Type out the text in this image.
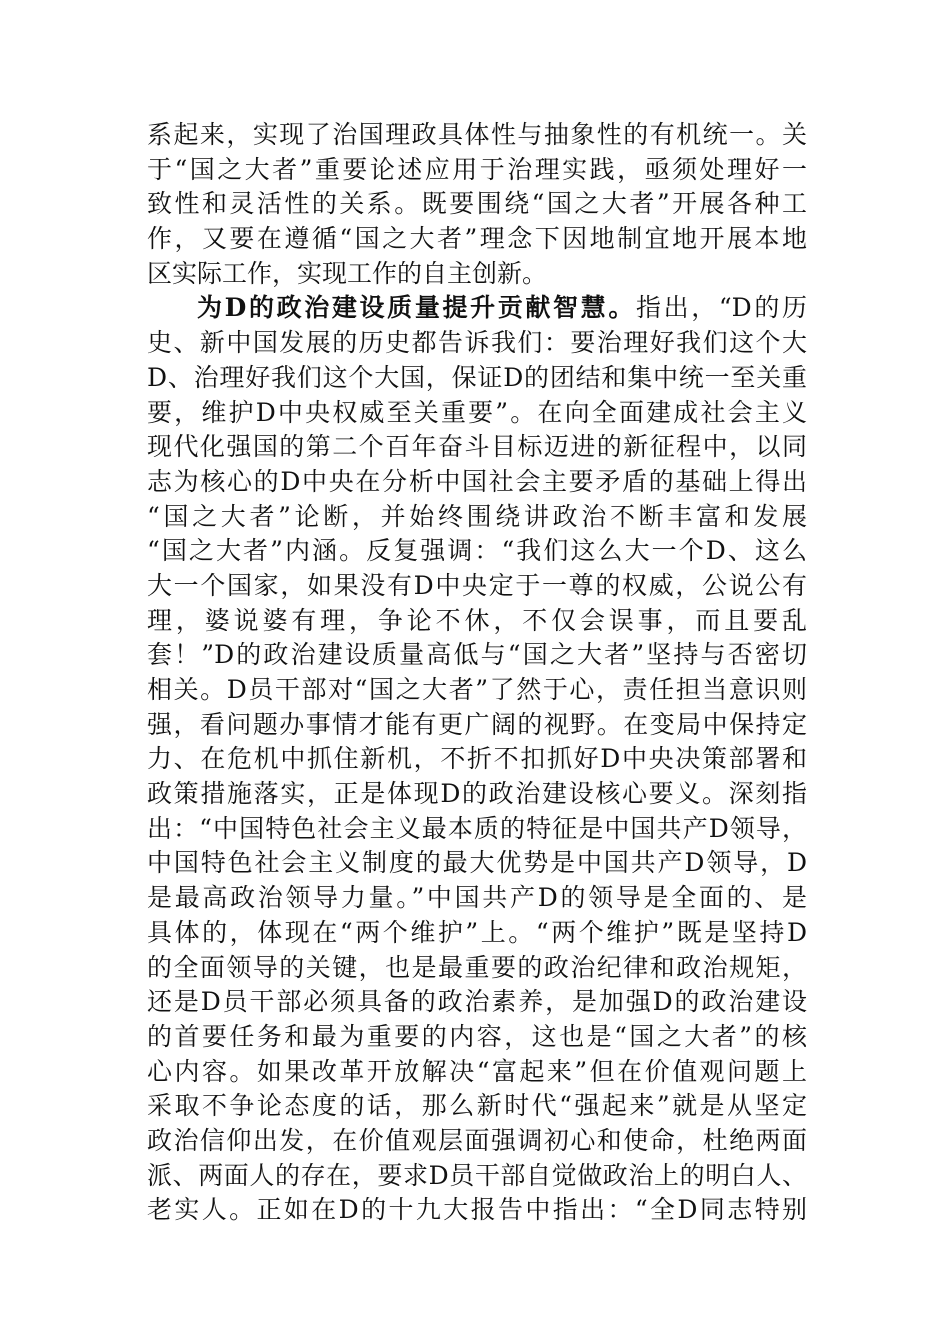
系起来，实现了治国理政具体性与抽象性的有机统一。关
于“国之大者”重要论述应用于治理实践，亟须处理好一
致性和灵活性的关系。既要围绕“国之大者”开展各种工
作，又要在遵循“国之大者”理念下因地制宜地开展本地
区实际工作，实现工作的自主创新。
为D的政治建设质量提升贡献智慧。指出，“D的历
史、新中国发展的历史都告诉我们：要治理好我们这个大
D、治理好我们这个大国，保证D的团结和集中统一至关重
要，维护D中央权威至关重要”。在向全面建成社会主义
现代化强国的第二个百年奋斗目标迈进的新征程中，以同
志为核心的D中央在分析中国社会主要矛盾的基础上得出
“国之大者”论断，并始终围绕讲政治不断丰富和发展
“国之大者”内涵。反复强调：“我们这么大一个D、这么
大一个国家，如果没有D中央定于一尊的权威，公说公有
理，婆说婆有理，争论不休，不仅会误事，而且要乱
套！”D的政治建设质量高低与“国之大者”坚持与否密切
相关。D员干部对“国之大者”了然于心，责任担当意识则
强，看问题办事情才能有更广阔的视野。在变局中保持定
力、在危机中抓住新机，不折不扣抓好D中央决策部署和
政策措施落实，正是体现D的政治建设核心要义。深刻指
出：“中国特色社会主义最本质的特征是中国共产D领导，
中国特色社会主义制度的最大优势是中国共产D领导，D
是最高政治领导力量。”中国共产D的领导是全面的、是
具体的，体现在“两个维护”上。“两个维护”既是坚持D
的全面领导的关键，也是最重要的政治纪律和政治规矩，
还是D员干部必须具备的政治素养，是加强D的政治建设
的首要任务和最为重要的内容，这也是“国之大者”的核
心内容。如果改革开放解决“富起来”但在价值观问题上
采取不争论态度的话，那么新时代“强起来”就是从坚定
政治信仰出发，在价值观层面强调初心和使命，杜绝两面
派、两面人的存在，要求D员干部自觉做政治上的明白人、
老实人。正如在D的十九大报告中指出：“全D同志特别
